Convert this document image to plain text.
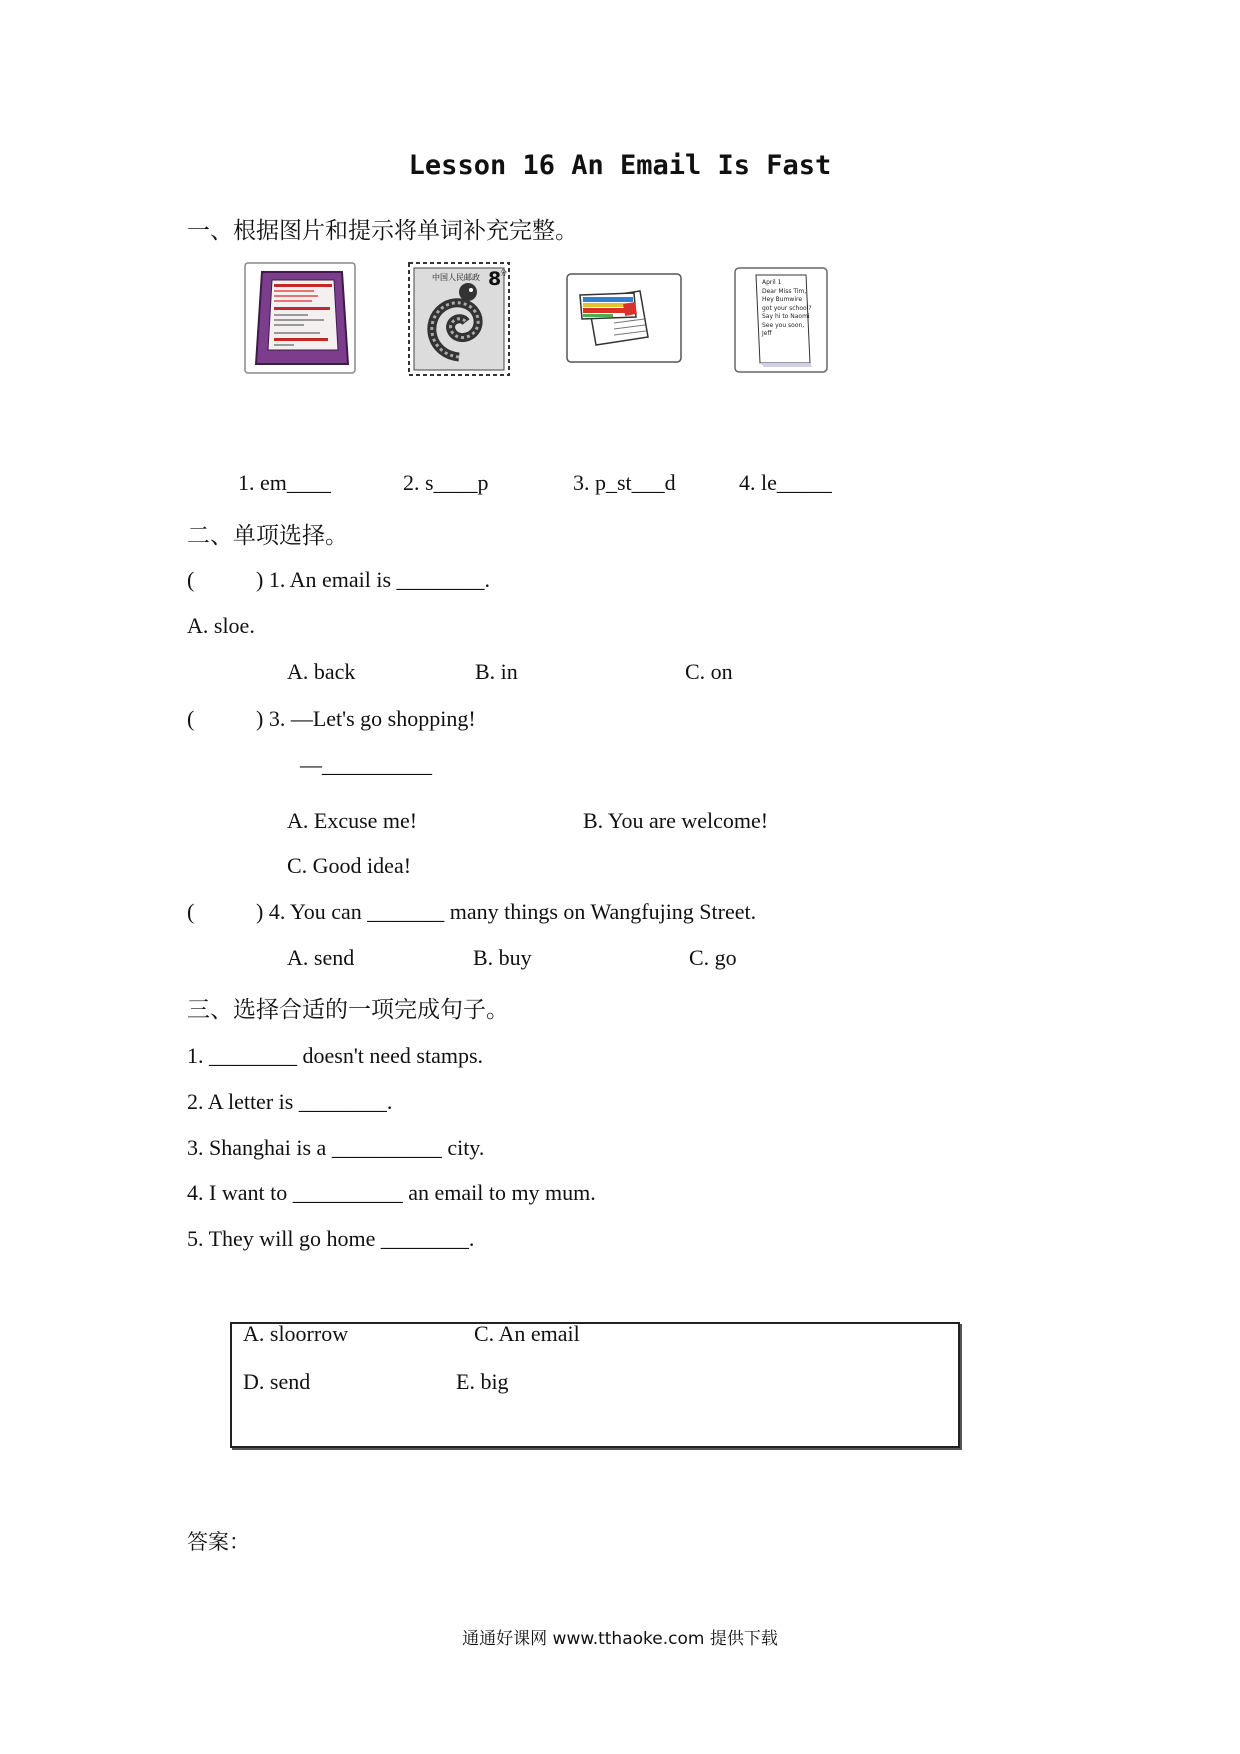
Lesson 16 An Email Is Fast
一、根据图片和提示将单词补充完整。
中国人民邮政 8
分
April 1
Dear Miss Tim,
Hey Bumwire
got your school?
Say hi to Naomi
See you soon,
Jeff
1. em____	2. s____p	3. p_st___d	4. le_____
二、单项选择。
(	) 1. An email is ________.
A. sloe.
A. back	B. in	C. on
(	) 3. —Let's go shopping!
—__________
A. Excuse me!	B. You are welcome!
C. Good idea!
(	) 4. You can _______ many things on Wangfujing Street.
A. send	B. buy	C. go
三、选择合适的一项完成句子。
1. ________ doesn't need stamps.
2. A letter is ________.
3. Shanghai is a __________ city.
4. I want to __________ an email to my mum.
5. They will go home ________.
A. sloorrow	C. An email
D. send	E. big
答案：
通通好课网 www.tthaoke.com 提供下载
